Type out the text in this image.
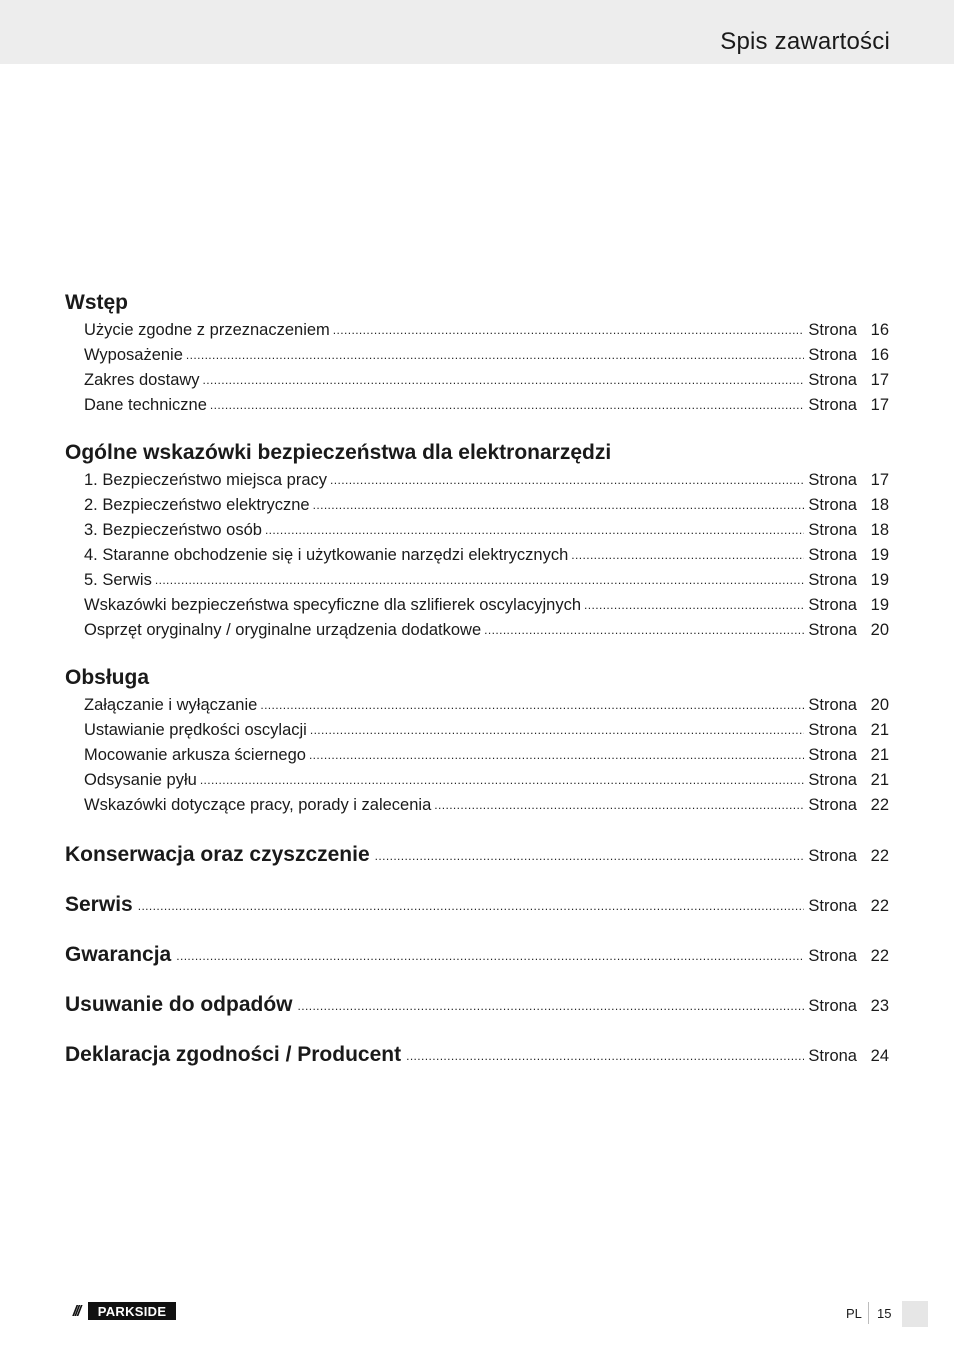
Spis zawartości
Wstęp
Użycie zgodne z przeznaczeniem .....	Strona 16
Wyposażenie .....	Strona 16
Zakres dostawy .....	Strona 17
Dane techniczne .....	Strona 17
Ogólne wskazówki bezpieczeństwa dla elektronarzędzi
1. Bezpieczeństwo miejsca pracy .....	Strona 17
2. Bezpieczeństwo elektryczne .....	Strona 18
3. Bezpieczeństwo osób .....	Strona 18
4. Staranne obchodzenie się i użytkowanie narzędzi elektrycznych .....	Strona 19
5. Serwis .....	Strona 19
Wskazówki bezpieczeństwa specyficzne dla szlifierek oscylacyjnych .....	Strona 19
Osprzęt oryginalny / oryginalne urządzenia dodatkowe .....	Strona 20
Obsługa
Załączanie i wyłączanie .....	Strona 20
Ustawianie prędkości oscylacji .....	Strona 21
Mocowanie arkusza ściernego .....	Strona 21
Odsysanie pyłu .....	Strona 21
Wskazówki dotyczące pracy, porady i zalecenia .....	Strona 22
Konserwacja oraz czyszczenie .....	Strona 22
Serwis .....	Strona 22
Gwarancja .....	Strona 22
Usuwanie do odpadów .....	Strona 23
Deklaracja zgodności / Producent .....	Strona 24
///	PARKSIDE	PL 15
